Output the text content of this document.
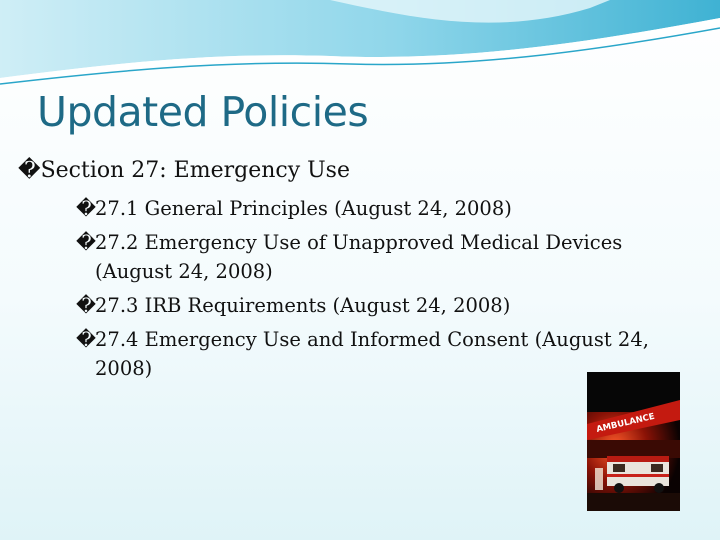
Updated Policies
�Section 27: Emergency Use
� 27.1 General Principles (August 24, 2008)
� 27.2 Emergency Use of Unapproved Medical Devices (August 24, 2008)
� 27.3 IRB Requirements (August 24, 2008)
� 27.4 Emergency Use and Informed Consent (August 24, 2008)
AMBULANCE
